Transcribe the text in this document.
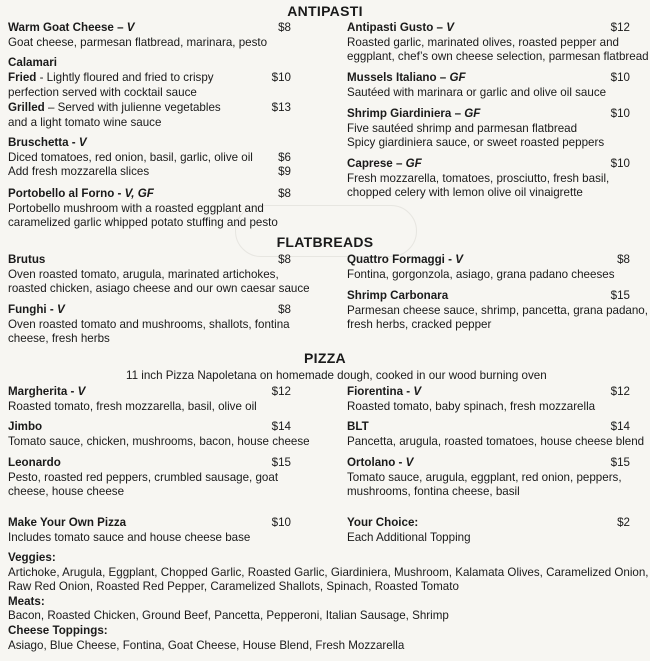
ANTIPASTI
FLATBREADS
PIZZA
11 inch Pizza Napoletana on homemade dough, cooked in our wood burning oven
Warm Goat Cheese – V	$8
Goat cheese, parmesan flatbread, marinara, pesto
Calamari
Fried - Lightly floured and fried to crispy	$10
perfection served with cocktail sauce
Grilled – Served with julienne vegetables	$13
and a light tomato wine sauce
Bruschetta - V
Diced tomatoes, red onion, basil, garlic, olive oil $6
Add fresh mozzarella slices	$9
Portobello al Forno - V, GF	$8
Portobello mushroom with a roasted eggplant and
caramelized garlic whipped potato stuffing and pesto
Antipasti Gusto – V	$12
Roasted garlic, marinated olives, roasted pepper and
eggplant, chef’s own cheese selection, parmesan flatbread
Mussels Italiano – GF	$10
Sautéed with marinara or garlic and olive oil sauce
Shrimp Giardiniera – GF	$10
Five sautéed shrimp and parmesan flatbread
Spicy giardiniera sauce, or sweet roasted peppers
Caprese – GF	$10
Fresh mozzarella, tomatoes, prosciutto, fresh basil,
chopped celery with lemon olive oil vinaigrette
Brutus	$8
Oven roasted tomato, arugula, marinated artichokes,
roasted chicken, asiago cheese and our own caesar sauce
Funghi - V	$8
Oven roasted tomato and mushrooms, shallots, fontina
cheese, fresh herbs
Quattro Formaggi - V	$8
Fontina, gorgonzola, asiago, grana padano cheeses
Shrimp Carbonara	$15
Parmesan cheese sauce, shrimp, pancetta, grana padano,
fresh herbs, cracked pepper
Margherita - V	$12
Roasted tomato, fresh mozzarella, basil, olive oil
Jimbo	$14
Tomato sauce, chicken, mushrooms, bacon, house cheese
Leonardo	$15
Pesto, roasted red peppers, crumbled sausage, goat
cheese, house cheese
Make Your Own Pizza	$10
Includes tomato sauce and house cheese base
Fiorentina - V	$12
Roasted tomato, baby spinach, fresh mozzarella
BLT	$14
Pancetta, arugula, roasted tomatoes, house cheese blend
Ortolano - V	$15
Tomato sauce, arugula, eggplant, red onion, peppers,
mushrooms, fontina cheese, basil
Your Choice:	$2
Each Additional Topping
Veggies:
Artichoke, Arugula, Eggplant, Chopped Garlic, Roasted Garlic, Giardiniera, Mushroom, Kalamata Olives, Caramelized Onion,
Raw Red Onion, Roasted Red Pepper, Caramelized Shallots, Spinach, Roasted Tomato
Meats:
Bacon, Roasted Chicken, Ground Beef, Pancetta, Pepperoni, Italian Sausage, Shrimp
Cheese Toppings:
Asiago, Blue Cheese, Fontina, Goat Cheese, House Blend, Fresh Mozzarella
